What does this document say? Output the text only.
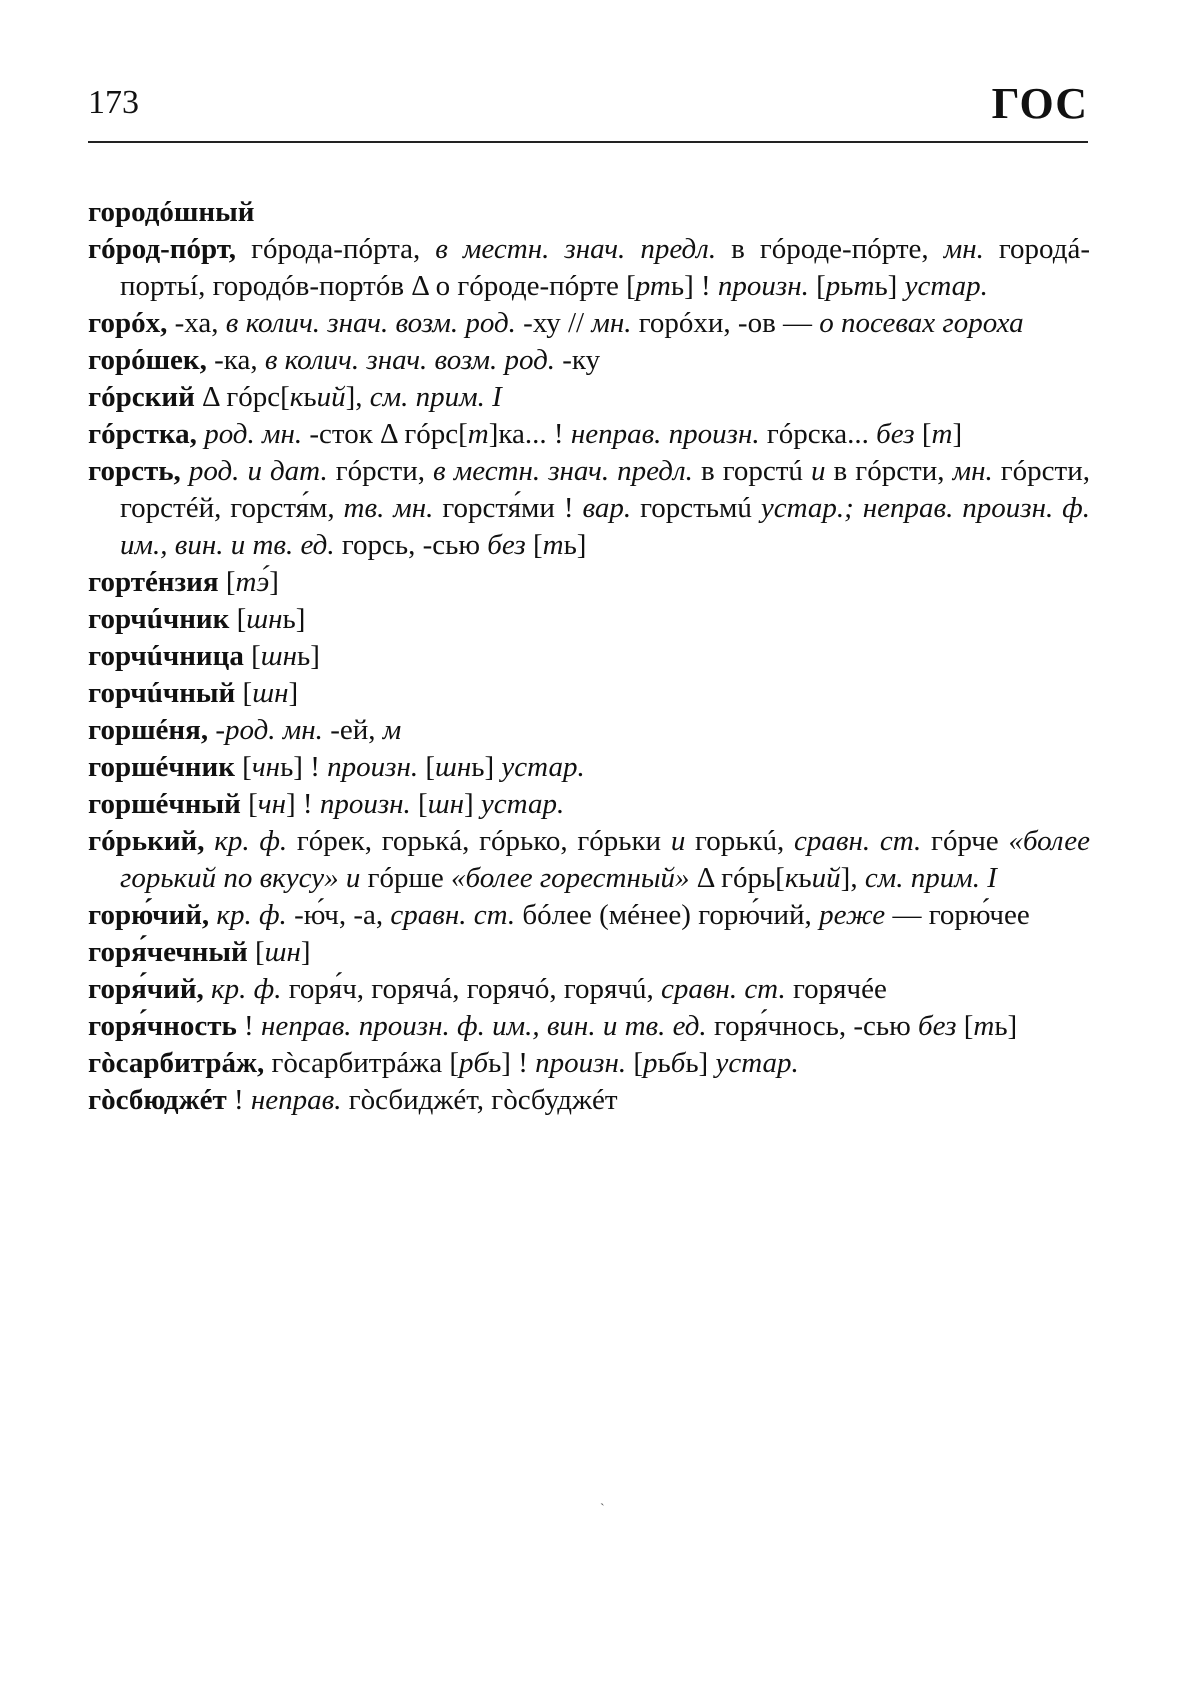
173	ГОС

городóшный

гóрод-пóрт, гóрода-пóрта, в местн. знач. предл. в гóроде-пóрте, мн. городá-портьí, городóв-портóв Δ о гóроде-пóрте [рть] ! произн. [рьть] устар.

горóх, -ха, в колич. знач. возм. род. -ху // мн. горóхи, -ов — о посевах гороха

горóшек, -ка, в колич. знач. возм. род. -ку

гóрский Δ гóрс[кьий], см. прим. I

гóрстка, род. мн. -сток Δ гóрс[т]ка... ! неправ. произн. гóрска... без [т]

горсть, род. и дат. гóрсти, в местн. знач. предл. в горстú и в гóрсти, мн. гóрсти, горстéй, горстя́м, тв. мн. горстя́ми ! вар. горстьмú устар.; неправ. произн. ф. им., вин. и тв. ед. горсь, -сью без [ть]

гортéнзия [тэ́]

горчúчник [шнь]

горчúчница [шнь]

горчúчный [шн]

горшéня, -род. мн. -ей, м

горшéчник [чнь] ! произн. [шнь] устар.

горшéчный [чн] ! произн. [шн] устар.

гóрький, кр. ф. гóрек, горькá, гóрько, гóрьки и горькú, сравн. ст. гóрче «более горький по вкусу» и гóрше «более горестный» Δ гóрь[кьий], см. прим. I

горю́чий, кр. ф. -ю́ч, -а, сравн. ст. бóлее (мéнее) горю́чий, реже — горю́чее

горя́чечный [шн]

горя́чий, кр. ф. горя́ч, горячá, горячó, горячú, сравн. ст. горячéе

горя́чность ! неправ. произн. ф. им., вин. и тв. ед. горя́чнось, -сью без [ть]

гòсарбитрáж, гòсарбитрáжа [рбь] ! произн. [рьбь] устар.

гòсбюджéт ! неправ. гòсбиджéт, гòсбуджéт

ˋ
